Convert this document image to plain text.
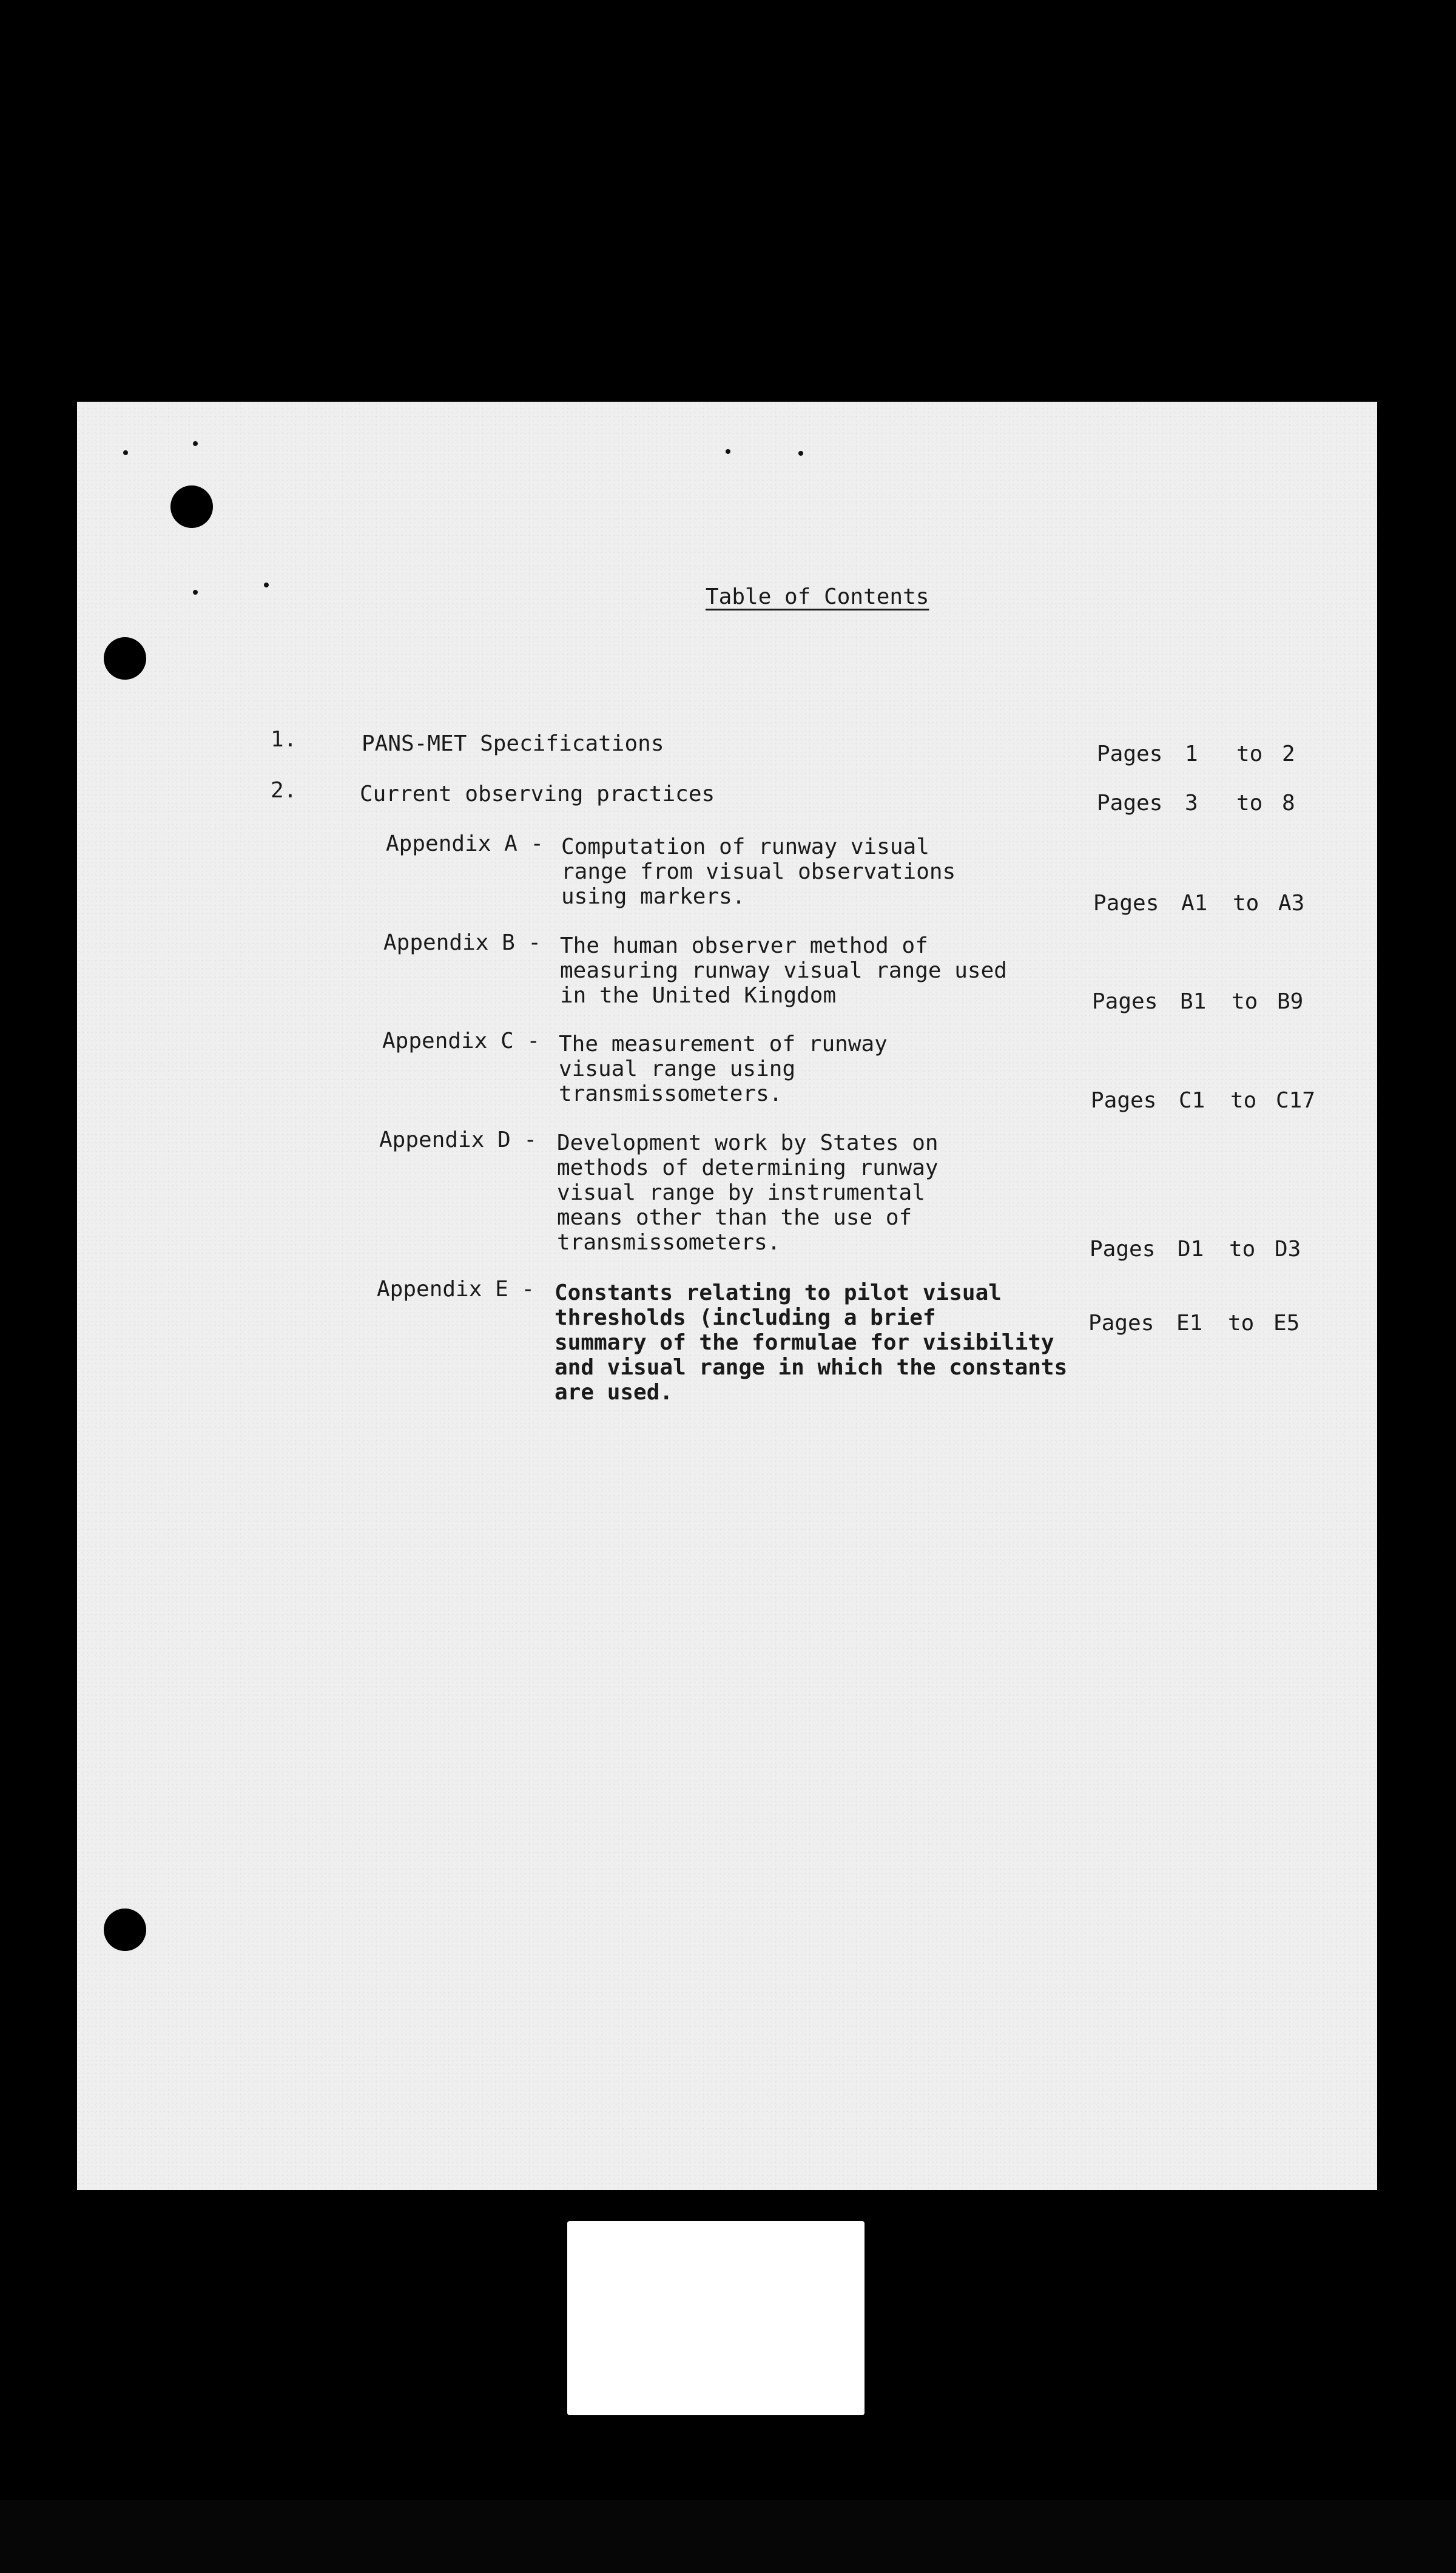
Table of Contents
1.	PANS-MET Specifications	Pages	1	to 2
2.	Current observing practices	Pages	3	to 8
Appendix A - Computation of runway visual
range from visual observations
using markers.	Pages	A1	to A3
Appendix B - The human observer method of
measuring runway visual range used
in the United Kingdom	Pages	B1	to B9
Appendix C - The measurement of runway
visual range using
transmissometers.	Pages	C1	to C17
Appendix D - Development work by States on
methods of determining runway
visual range by instrumental
means other than the use of
transmissometers.	Pages	D1	to D3
Appendix E - Constants relating to pilot visual
thresholds (including a brief
summary of the formulae for visibility
and visual range in which the constants
are used.
Pages	E1	to E5
